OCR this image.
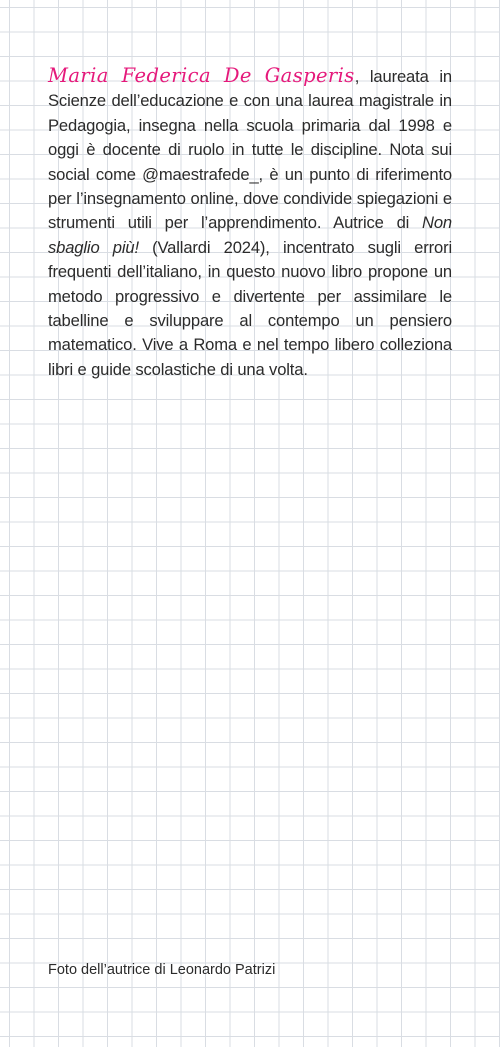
Maria Federica De Gasperis, laureata in Scienze dell’educazione e con una laurea magistrale in Pedagogia, insegna nella scuola primaria dal 1998 e oggi è docente di ruolo in tutte le discipline. Nota sui social come @maestrafede_, è un punto di riferimento per l’insegnamento online, dove condivide spiegazioni e strumenti utili per l’apprendimento. Autrice di Non sbaglio più! (Vallardi 2024), incentrato sugli errori frequenti dell’italiano, in questo nuovo libro propone un metodo progressivo e divertente per assimilare le tabelline e sviluppare al contempo un pensiero matematico. Vive a Roma e nel tempo libero colleziona libri e guide scolastiche di una volta.

Foto dell’autrice di Leonardo Patrizi
